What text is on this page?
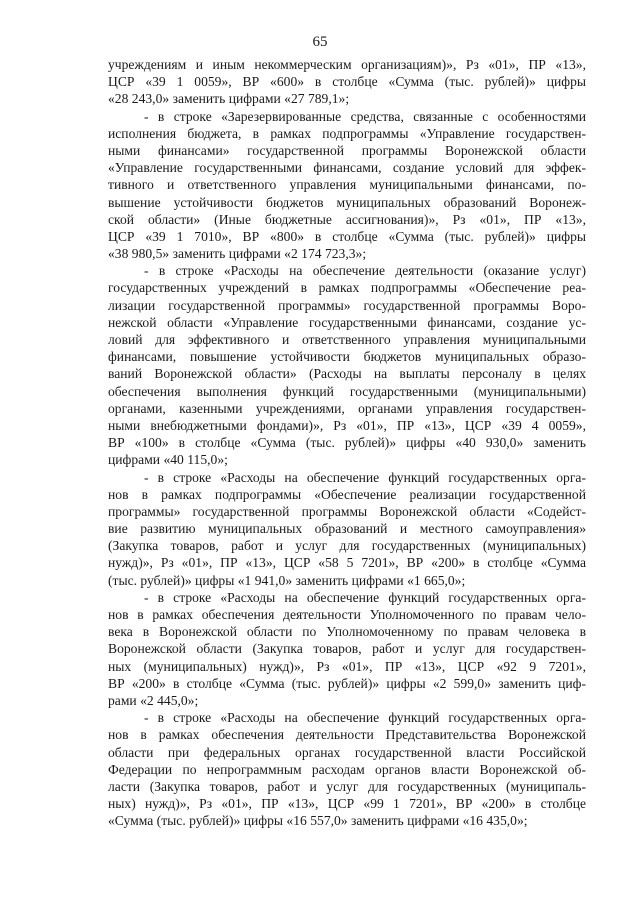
65
учреждениям и иным некоммерческим организациям)», Рз «01», ПР «13»,
ЦСР «39 1 0059», ВР «600» в столбце «Сумма (тыс. рублей)» цифры
«28 243,0» заменить цифрами «27 789,1»;
- в строке «Зарезервированные средства, связанные с особенностями
исполнения бюджета, в рамках подпрограммы «Управление государствен-
ными финансами» государственной программы Воронежской области
«Управление государственными финансами, создание условий для эффек-
тивного и ответственного управления муниципальными финансами, по-
вышение устойчивости бюджетов муниципальных образований Воронеж-
ской области» (Иные бюджетные ассигнования)», Рз «01», ПР «13»,
ЦСР «39 1 7010», ВР «800» в столбце «Сумма (тыс. рублей)» цифры
«38 980,5» заменить цифрами «2 174 723,3»;
- в строке «Расходы на обеспечение деятельности (оказание услуг)
государственных учреждений в рамках подпрограммы «Обеспечение реа-
лизации государственной программы» государственной программы Воро-
нежской области «Управление государственными финансами, создание ус-
ловий для эффективного и ответственного управления муниципальными
финансами, повышение устойчивости бюджетов муниципальных образо-
ваний Воронежской области» (Расходы на выплаты персоналу в целях
обеспечения выполнения функций государственными (муниципальными)
органами, казенными учреждениями, органами управления государствен-
ными внебюджетными фондами)», Рз «01», ПР «13», ЦСР «39 4 0059»,
ВР «100» в столбце «Сумма (тыс. рублей)» цифры «40 930,0» заменить
цифрами «40 115,0»;
- в строке «Расходы на обеспечение функций государственных орга-
нов в рамках подпрограммы «Обеспечение реализации государственной
программы» государственной программы Воронежской области «Содейст-
вие развитию муниципальных образований и местного самоуправления»
(Закупка товаров, работ и услуг для государственных (муниципальных)
нужд)», Рз «01», ПР «13», ЦСР «58 5 7201», ВР «200» в столбце «Сумма
(тыс. рублей)» цифры «1 941,0» заменить цифрами «1 665,0»;
- в строке «Расходы на обеспечение функций государственных орга-
нов в рамках обеспечения деятельности Уполномоченного по правам чело-
века в Воронежской области по Уполномоченному по правам человека в
Воронежской области (Закупка товаров, работ и услуг для государствен-
ных (муниципальных) нужд)», Рз «01», ПР «13», ЦСР «92 9 7201»,
ВР «200» в столбце «Сумма (тыс. рублей)» цифры «2 599,0» заменить циф-
рами «2 445,0»;
- в строке «Расходы на обеспечение функций государственных орга-
нов в рамках обеспечения деятельности Представительства Воронежской
области при федеральных органах государственной власти Российской
Федерации по непрограммным расходам органов власти Воронежской об-
ласти (Закупка товаров, работ и услуг для государственных (муниципаль-
ных) нужд)», Рз «01», ПР «13», ЦСР «99 1 7201», ВР «200» в столбце
«Сумма (тыс. рублей)» цифры «16 557,0» заменить цифрами «16 435,0»;
